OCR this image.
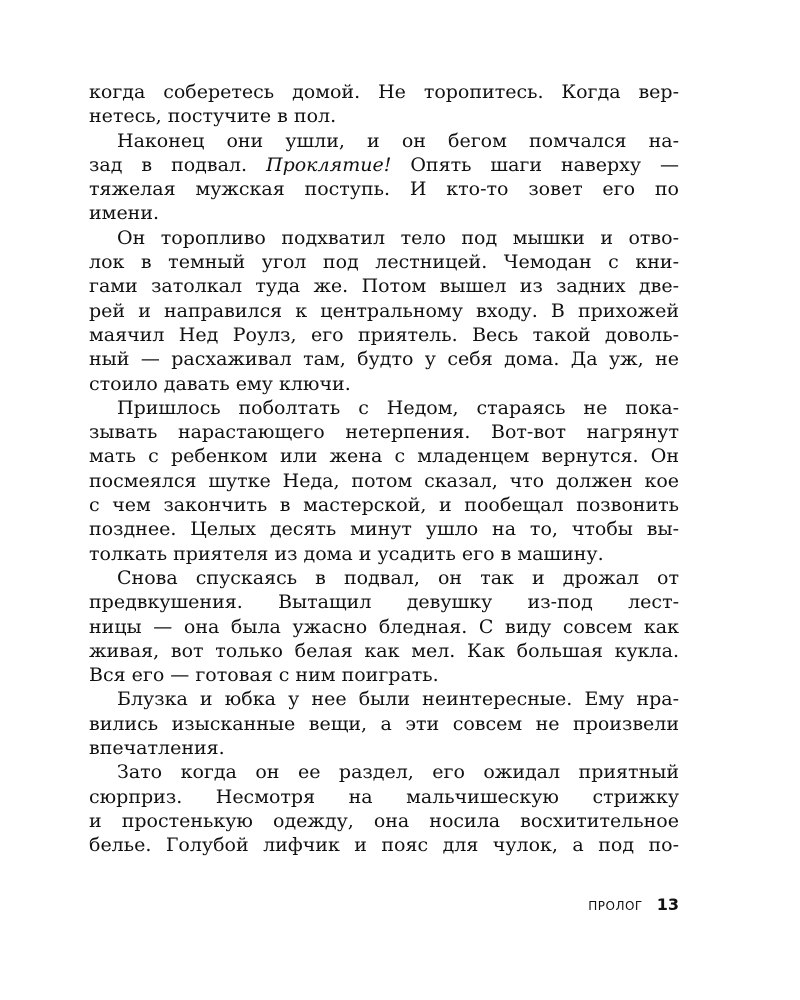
когда соберетесь домой. Не торопитесь. Когда вер-
нетесь, постучите в пол.
Наконец они ушли, и он бегом помчался на-
зад в подвал. Проклятие! Опять шаги наверху —
тяжелая мужская поступь. И кто-то зовет его по
имени.
Он торопливо подхватил тело под мышки и отво-
лок в темный угол под лестницей. Чемодан с кни-
гами затолкал туда же. Потом вышел из задних две-
рей и направился к центральному входу. В прихожей
маячил Нед Роулз, его приятель. Весь такой доволь-
ный — расхаживал там, будто у себя дома. Да уж, не
стоило давать ему ключи.
Пришлось поболтать с Недом, стараясь не пока-
зывать нарастающего нетерпения. Вот-вот нагрянут
мать с ребенком или жена с младенцем вернутся. Он
посмеялся шутке Неда, потом сказал, что должен кое
с чем закончить в мастерской, и пообещал позвонить
позднее. Целых десять минут ушло на то, чтобы вы-
толкать приятеля из дома и усадить его в машину.
Снова спускаясь в подвал, он так и дрожал от
предвкушения. Вытащил девушку из-под лест-
ницы — она была ужасно бледная. С виду совсем как
живая, вот только белая как мел. Как большая кукла.
Вся его — готовая с ним поиграть.
Блузка и юбка у нее были неинтересные. Ему нра-
вились изысканные вещи, а эти совсем не произвели
впечатления.
Зато когда он ее раздел, его ожидал приятный
сюрприз. Несмотря на мальчишескую стрижку
и простенькую одежду, она носила восхитительное
белье. Голубой лифчик и пояс для чулок, а под по-
ПРОЛОГ 13
